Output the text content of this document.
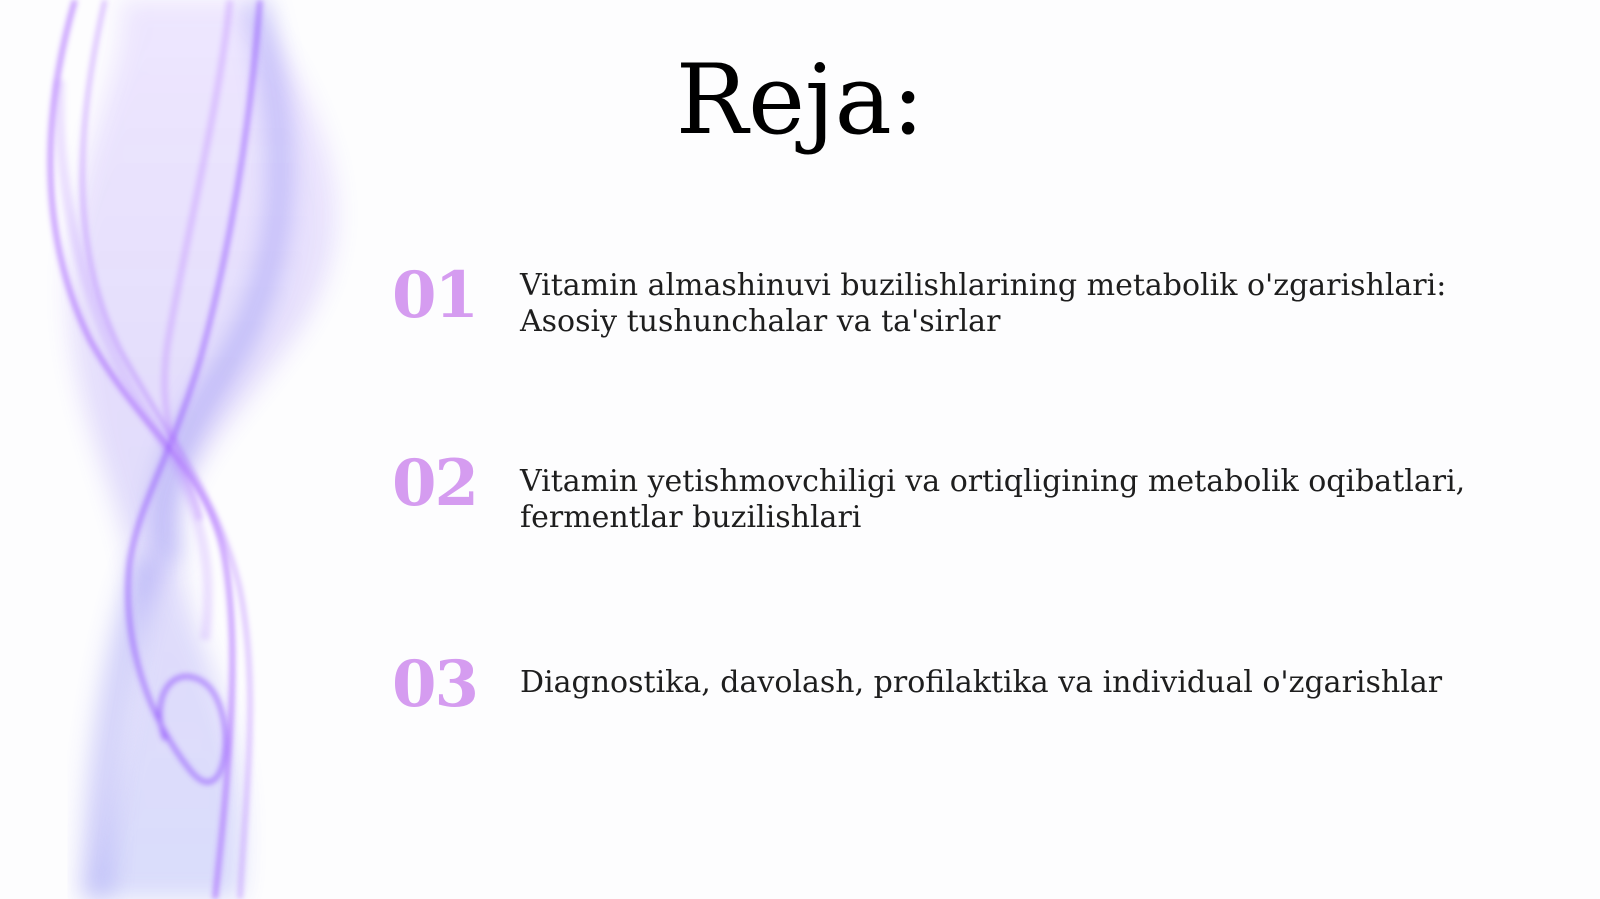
Reja:
01 Vitamin almashinuvi buzilishlarining metabolik o'zgarishlari:
Asosiy tushunchalar va ta'sirlar
02 Vitamin yetishmovchiligi va ortiqligining metabolik oqibatlari,
fermentlar buzilishlari
03 Diagnostika, davolash, profilaktika va individual o'zgarishlar
